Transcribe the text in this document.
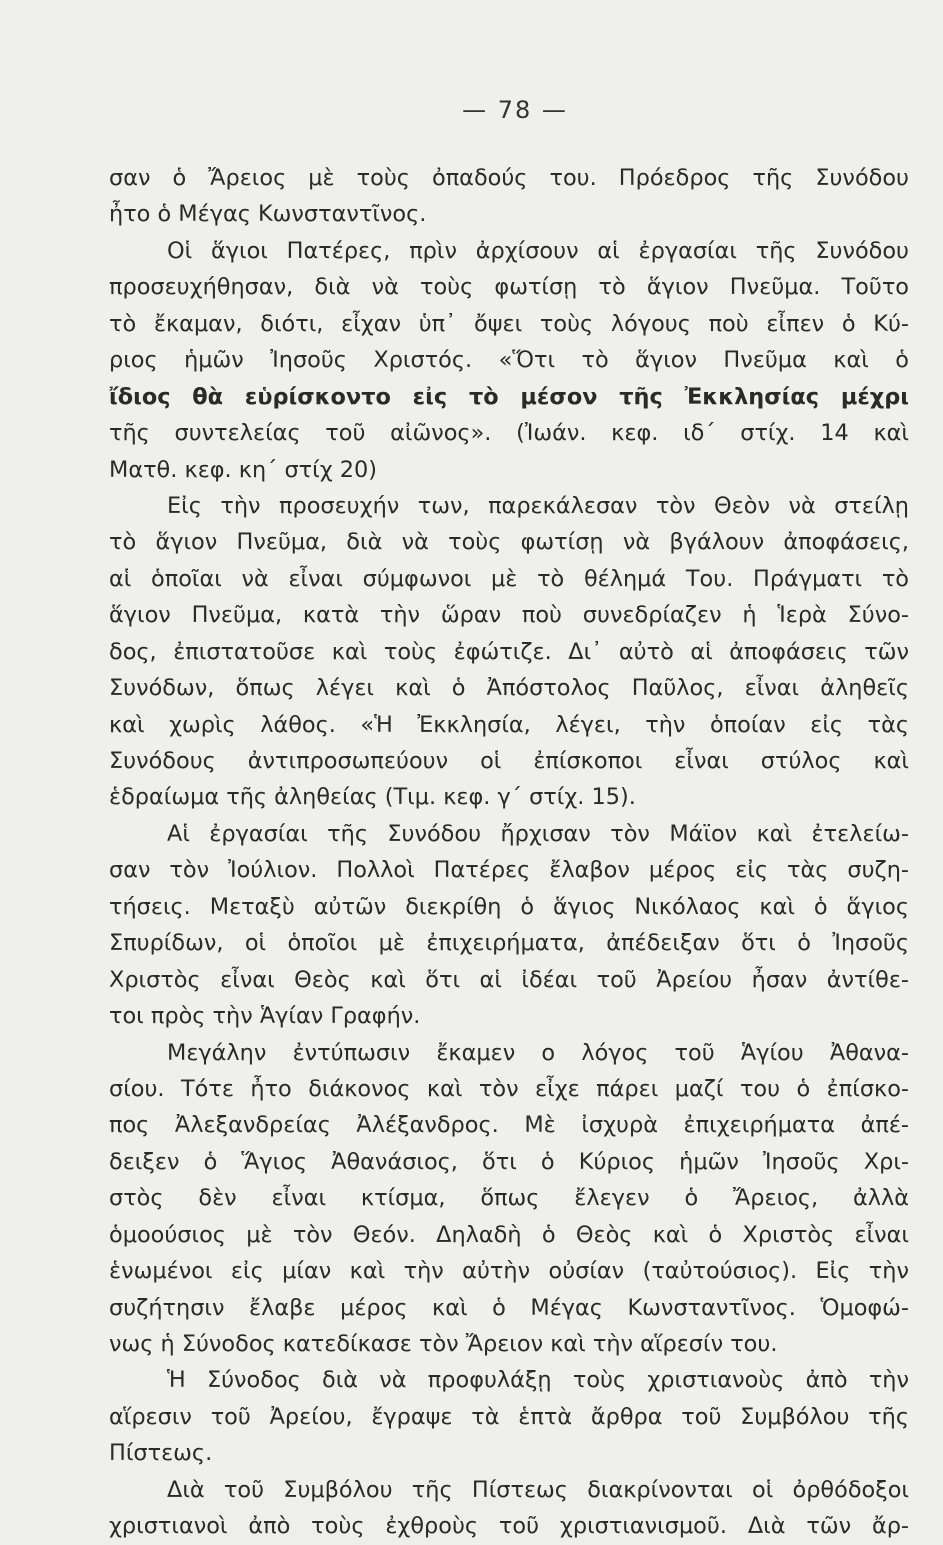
— 78 —
σαν ὁ Ἄρειος μὲ τοὺς ὀπαδούς του. Πρόεδρος τῆς Συνόδου
ἦτο ὁ Μέγας Κωνσταντῖνος.
Οἱ ἅγιοι Πατέρες, πρὶν ἀρχίσουν αἱ ἐργασίαι τῆς Συνόδου
προσευχήθησαν, διὰ νὰ τοὺς φωτίσῃ τὸ ἅγιον Πνεῦμα. Τοῦτο
τὸ ἔκαμαν, διότι, εἶχαν ὑπ᾽ ὄψει τοὺς λόγους ποὺ εἶπεν ὁ Κύ-
ριος ἡμῶν Ἰησοῦς Χριστός. «Ὅτι τὸ ἅγιον Πνεῦμα καὶ ὁ
ἴδιος θὰ εὑρίσκοντο εἰς τὸ μέσον τῆς Ἐκκλησίας μέχρι
τῆς συντελείας τοῦ αἰῶνος». (Ἰωάν. κεφ. ιδ´ στίχ. 14 καὶ
Ματθ. κεφ. κη´ στίχ 20)
Εἰς τὴν προσευχήν των, παρεκάλεσαν τὸν Θεὸν νὰ στείλῃ
τὸ ἅγιον Πνεῦμα, διὰ νὰ τοὺς φωτίσῃ νὰ βγάλουν ἀποφάσεις,
αἱ ὁποῖαι νὰ εἶναι σύμφωνοι μὲ τὸ θέλημά Του. Πράγματι τὸ
ἅγιον Πνεῦμα, κατὰ τὴν ὥραν ποὺ συνεδρίαζεν ἡ Ἱερὰ Σύνο-
δος, ἐπιστατοῦσε καὶ τοὺς ἐφώτιζε. Δι᾽ αὐτὸ αἱ ἀποφάσεις τῶν
Συνόδων, ὅπως λέγει καὶ ὁ Ἀπόστολος Παῦλος, εἶναι ἀληθεῖς
καὶ χωρὶς λάθος. «Ἡ Ἐκκλησία, λέγει, τὴν ὁποίαν εἰς τὰς
Συνόδους ἀντιπροσωπεύουν οἱ ἐπίσκοποι εἶναι στύλος καὶ
ἑδραίωμα τῆς ἀληθείας (Τιμ. κεφ. γ´ στίχ. 15).
Αἱ ἐργασίαι τῆς Συνόδου ἤρχισαν τὸν Μάϊον καὶ ἐτελείω-
σαν τὸν Ἰούλιον. Πολλοὶ Πατέρες ἔλαβον μέρος εἰς τὰς συζη-
τήσεις. Μεταξὺ αὐτῶν διεκρίθη ὁ ἅγιος Νικόλαος καὶ ὁ ἅγιος
Σπυρίδων, οἱ ὁποῖοι μὲ ἐπιχειρήματα, ἀπέδειξαν ὅτι ὁ Ἰησοῦς
Χριστὸς εἶναι Θεὸς καὶ ὅτι αἱ ἰδέαι τοῦ Ἀρείου ἦσαν ἀντίθε-
τοι πρὸς τὴν Ἁγίαν Γραφήν.
Μεγάλην ἐντύπωσιν ἔκαμεν ο λόγος τοῦ Ἁγίου Ἀθανα-
σίου. Τότε ἦτο διάκονος καὶ τὸν εἶχε πάρει μαζί του ὁ ἐπίσκο-
πος Ἀλεξανδρείας Ἀλέξανδρος. Μὲ ἰσχυρὰ ἐπιχειρήματα ἀπέ-
δειξεν ὁ Ἅγιος Ἀθανάσιος, ὅτι ὁ Κύριος ἡμῶν Ἰησοῦς Χρι-
στὸς δὲν εἶναι κτίσμα, ὅπως ἔλεγεν ὁ Ἄρειος, ἀλλὰ
ὁμοούσιος μὲ τὸν Θεόν. Δηλαδὴ ὁ Θεὸς καὶ ὁ Χριστὸς εἶναι
ἑνωμένοι εἰς μίαν καὶ τὴν αὐτὴν οὐσίαν (ταὐτούσιος). Εἰς τὴν
συζήτησιν ἔλαβε μέρος καὶ ὁ Μέγας Κωνσταντῖνος. Ὁμοφώ-
νως ἡ Σύνοδος κατεδίκασε τὸν Ἄρειον καὶ τὴν αἵρεσίν του.
Ἡ Σύνοδος διὰ νὰ προφυλάξῃ τοὺς χριστιανοὺς ἀπὸ τὴν
αἵρεσιν τοῦ Ἀρείου, ἔγραψε τὰ ἑπτὰ ἄρθρα τοῦ Συμβόλου τῆς
Πίστεως.
Διὰ τοῦ Συμβόλου τῆς Πίστεως διακρίνονται οἱ ὀρθόδοξοι
χριστιανοὶ ἀπὸ τοὺς ἐχθροὺς τοῦ χριστιανισμοῦ. Διὰ τῶν ἄρ-
